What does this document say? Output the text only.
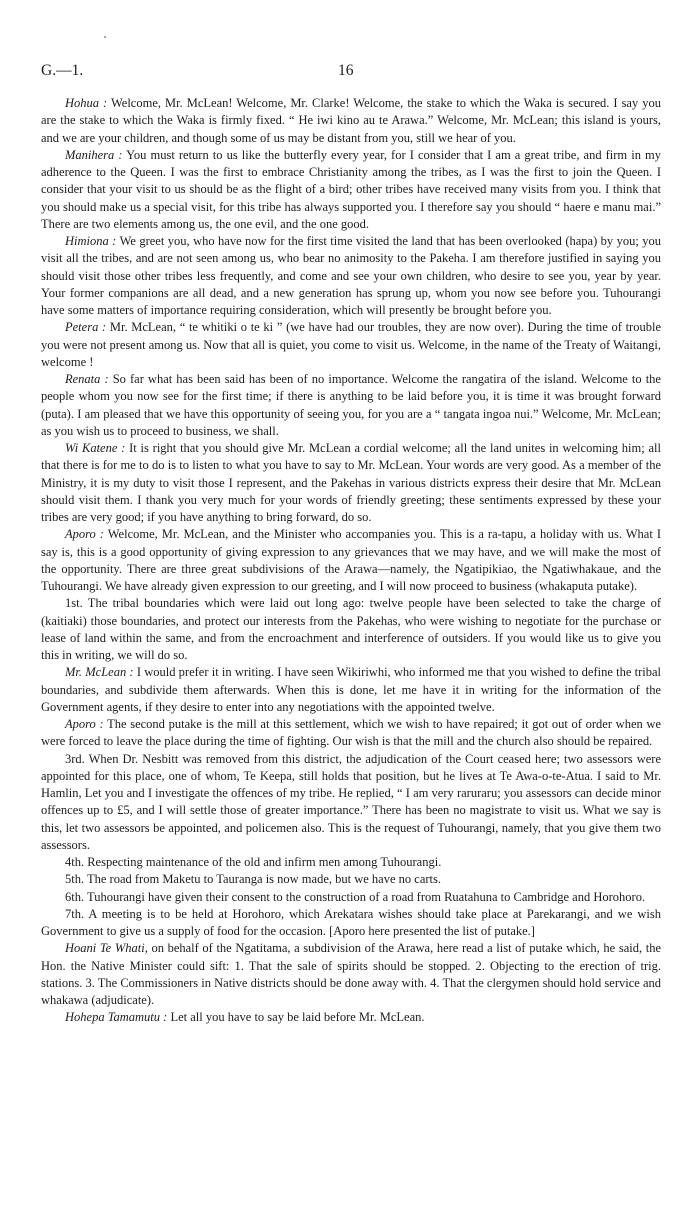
G.—1.	16

Hohua : Welcome, Mr. McLean! Welcome, Mr. Clarke! Welcome, the stake to which the Waka is secured. I say you are the stake to which the Waka is firmly fixed. “ He iwi kino au te Arawa.” Welcome, Mr. McLean; this island is yours, and we are your children, and though some of us may be distant from you, still we hear of you.

Manihera : You must return to us like the butterfly every year, for I consider that I am a great tribe, and firm in my adherence to the Queen. I was the first to embrace Christianity among the tribes, as I was the first to join the Queen. I consider that your visit to us should be as the flight of a bird; other tribes have received many visits from you. I think that you should make us a special visit, for this tribe has always supported you. I therefore say you should “ haere e manu mai.” There are two elements among us, the one evil, and the one good.

Himiona : We greet you, who have now for the first time visited the land that has been overlooked (hapa) by you; you visit all the tribes, and are not seen among us, who bear no animosity to the Pakeha. I am therefore justified in saying you should visit those other tribes less frequently, and come and see your own children, who desire to see you, year by year. Your former companions are all dead, and a new generation has sprung up, whom you now see before you. Tuhourangi have some matters of importance requiring consideration, which will presently be brought before you.

Petera : Mr. McLean, “ te whitiki o te ki ” (we have had our troubles, they are now over). During the time of trouble you were not present among us. Now that all is quiet, you come to visit us. Welcome, in the name of the Treaty of Waitangi, welcome !

Renata : So far what has been said has been of no importance. Welcome the rangatira of the island. Welcome to the people whom you now see for the first time; if there is anything to be laid before you, it is time it was brought forward (puta). I am pleased that we have this opportunity of seeing you, for you are a “ tangata ingoa nui.” Welcome, Mr. McLean; as you wish us to proceed to business, we shall.

Wi Katene : It is right that you should give Mr. McLean a cordial welcome; all the land unites in welcoming him; all that there is for me to do is to listen to what you have to say to Mr. McLean. Your words are very good. As a member of the Ministry, it is my duty to visit those I represent, and the Pakehas in various districts express their desire that Mr. McLean should visit them. I thank you very much for your words of friendly greeting; these sentiments expressed by these your tribes are very good; if you have anything to bring forward, do so.

Aporo : Welcome, Mr. McLean, and the Minister who accompanies you. This is a ra-tapu, a holiday with us. What I say is, this is a good opportunity of giving expression to any grievances that we may have, and we will make the most of the opportunity. There are three great subdivisions of the Arawa—namely, the Ngatipikiao, the Ngatiwhakaue, and the Tuhourangi. We have already given expression to our greeting, and I will now proceed to business (whakaputa putake).

1st. The tribal boundaries which were laid out long ago: twelve people have been selected to take the charge of (kaitiaki) those boundaries, and protect our interests from the Pakehas, who were wishing to negotiate for the purchase or lease of land within the same, and from the encroachment and interference of outsiders. If you would like us to give you this in writing, we will do so.

Mr. McLean : I would prefer it in writing. I have seen Wikiriwhi, who informed me that you wished to define the tribal boundaries, and subdivide them afterwards. When this is done, let me have it in writing for the information of the Government agents, if they desire to enter into any negotiations with the appointed twelve.

Aporo : The second putake is the mill at this settlement, which we wish to have repaired; it got out of order when we were forced to leave the place during the time of fighting. Our wish is that the mill and the church also should be repaired.

3rd. When Dr. Nesbitt was removed from this district, the adjudication of the Court ceased here; two assessors were appointed for this place, one of whom, Te Keepa, still holds that position, but he lives at Te Awa-o-te-Atua. I said to Mr. Hamlin, Let you and I investigate the offences of my tribe. He replied, “ I am very raruraru; you assessors can decide minor offences up to £5, and I will settle those of greater importance.” There has been no magistrate to visit us. What we say is this, let two assessors be appointed, and policemen also. This is the request of Tuhourangi, namely, that you give them two assessors.

4th. Respecting maintenance of the old and infirm men among Tuhourangi.

5th. The road from Maketu to Tauranga is now made, but we have no carts.

6th. Tuhourangi have given their consent to the construction of a road from Ruatahuna to Cambridge and Horohoro.

7th. A meeting is to be held at Horohoro, which Arekatara wishes should take place at Parekarangi, and we wish Government to give us a supply of food for the occasion. [Aporo here presented the list of putake.]

Hoani Te Whati, on behalf of the Ngatitama, a subdivision of the Arawa, here read a list of putake which, he said, the Hon. the Native Minister could sift: 1. That the sale of spirits should be stopped. 2. Objecting to the erection of trig. stations. 3. The Commissioners in Native districts should be done away with. 4. That the clergymen should hold service and whakawa (adjudicate).

Hohepa Tamamutu : Let all you have to say be laid before Mr. McLean.
